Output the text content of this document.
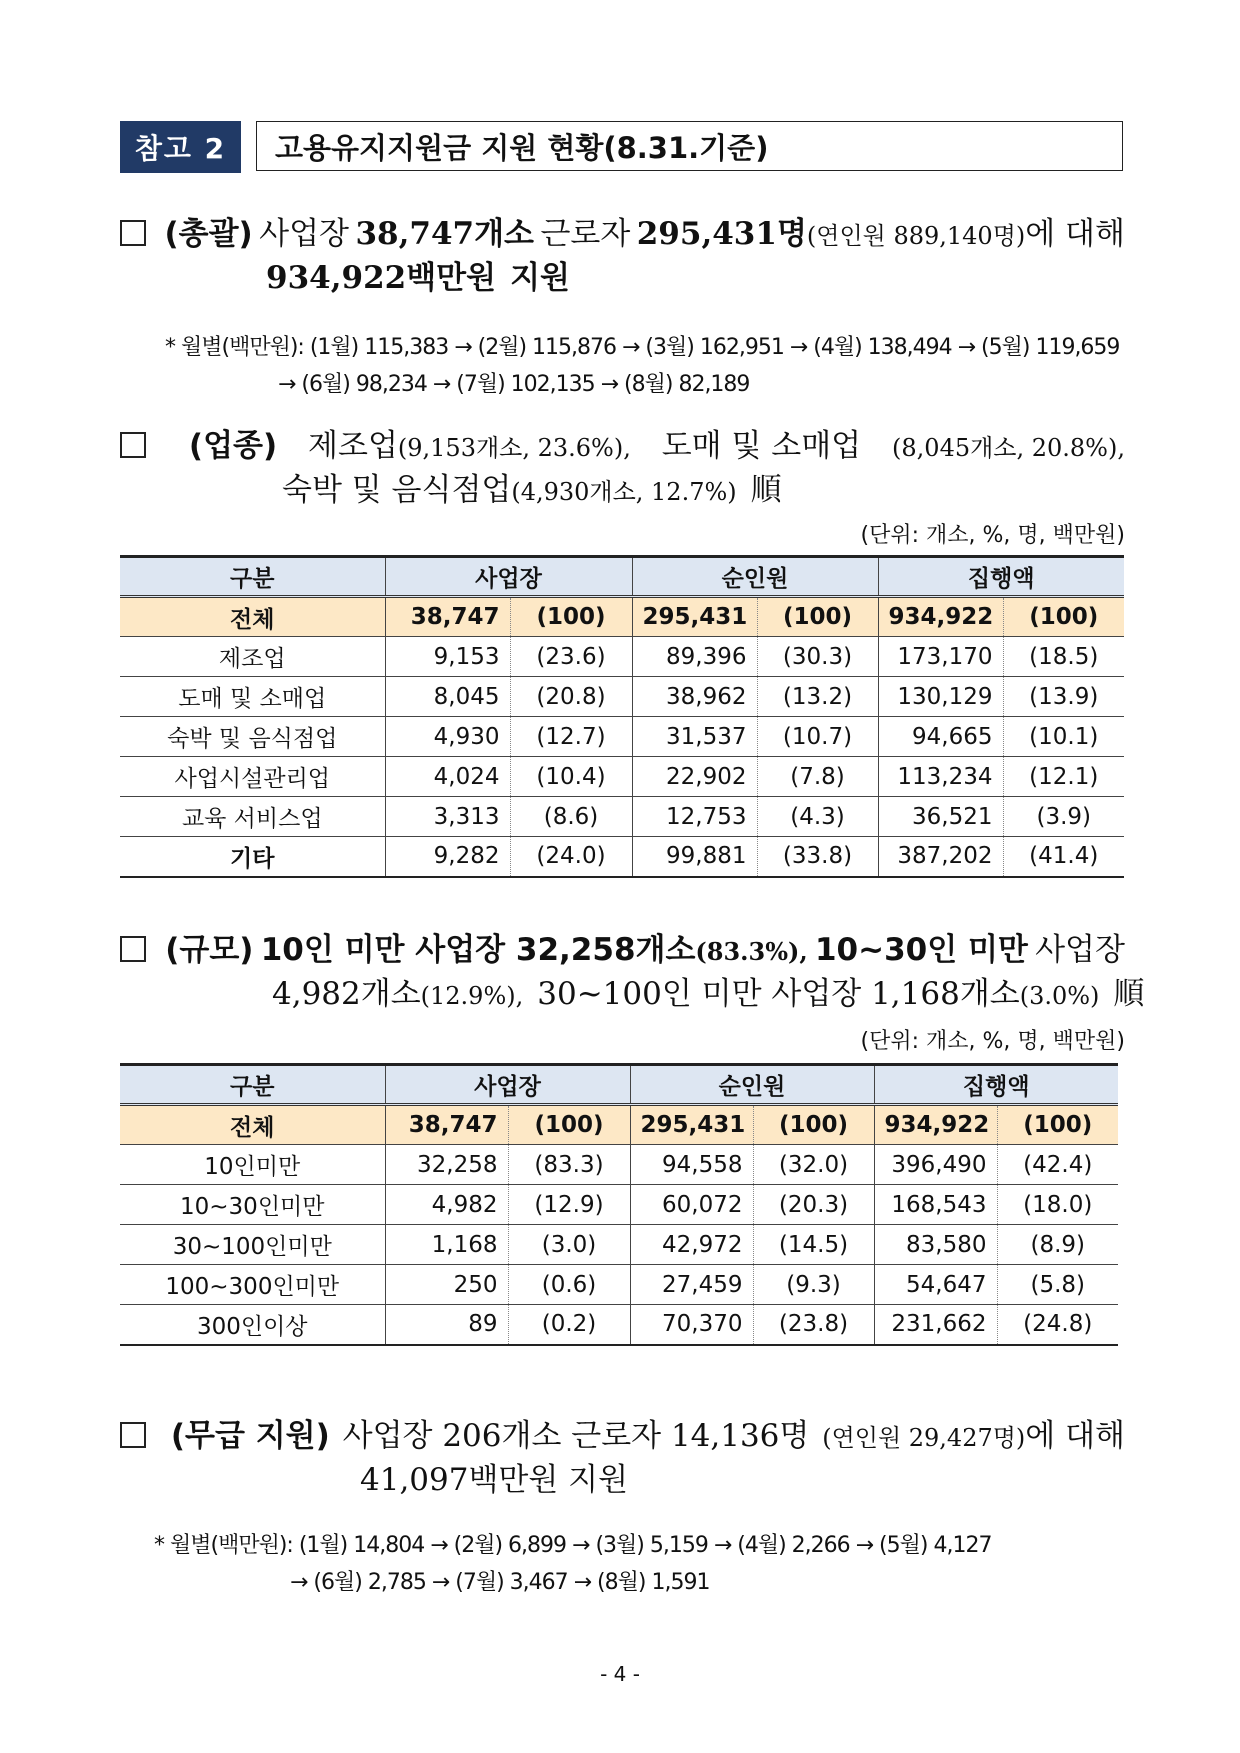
참고 2	고용유지지원금 지원 현황(8.31.기준)
(총괄) 사업장 38,747개소 근로자 295,431명(연인원 889,140명)에 대해
934,922백만원 지원
* 월별(백만원): (1월) 115,383 → (2월) 115,876 → (3월) 162,951 → (4월) 138,494 → (5월) 119,659
→ (6월) 98,234 → (7월) 102,135 → (8월) 82,189
(업종) 제조업(9,153개소, 23.6%), 도매 및 소매업 (8,045개소, 20.8%),
숙박 및 음식점업 (4,930개소, 12.7%) 順
(단위: 개소, %, 명, 백만원)
구분	사업장		순인원		집행액	
전체	38,747	(100)	295,431	(100)	934,922	(100)
제조업	9,153	(23.6)	89,396	(30.3)	173,170	(18.5)
도매 및 소매업	8,045	(20.8)	38,962	(13.2)	130,129	(13.9)
숙박 및 음식점업	4,930	(12.7)	31,537	(10.7)	94,665	(10.1)
사업시설관리업	4,024	(10.4)	22,902	(7.8)	113,234	(12.1)
교육 서비스업	3,313	(8.6)	12,753	(4.3)	36,521	(3.9)
기타	9,282	(24.0)	99,881	(33.8)	387,202	(41.4)
(규모) 10인 미만 사업장 32,258개소(83.3%), 10~30인 미만 사업장
4,982개소 (12.9%), 30~100인 미만 사업장 1,168개소 (3.0%) 順
(단위: 개소, %, 명, 백만원)
구분	사업장		순인원		집행액	
전체	38,747	(100)	295,431	(100)	934,922	(100)
10인미만	32,258	(83.3)	94,558	(32.0)	396,490	(42.4)
10~30인미만	4,982	(12.9)	60,072	(20.3)	168,543	(18.0)
30~100인미만	1,168	(3.0)	42,972	(14.5)	83,580	(8.9)
100~300인미만	250	(0.6)	27,459	(9.3)	54,647	(5.8)
300인이상	89	(0.2)	70,370	(23.8)	231,662	(24.8)
(무급 지원) 사업장 206개소 근로자 14,136명 (연인원 29,427명)에 대해
41,097백만원 지원
* 월별(백만원): (1월) 14,804 → (2월) 6,899 → (3월) 5,159 → (4월) 2,266 → (5월) 4,127
→ (6월) 2,785 → (7월) 3,467 → (8월) 1,591
- 4 -
